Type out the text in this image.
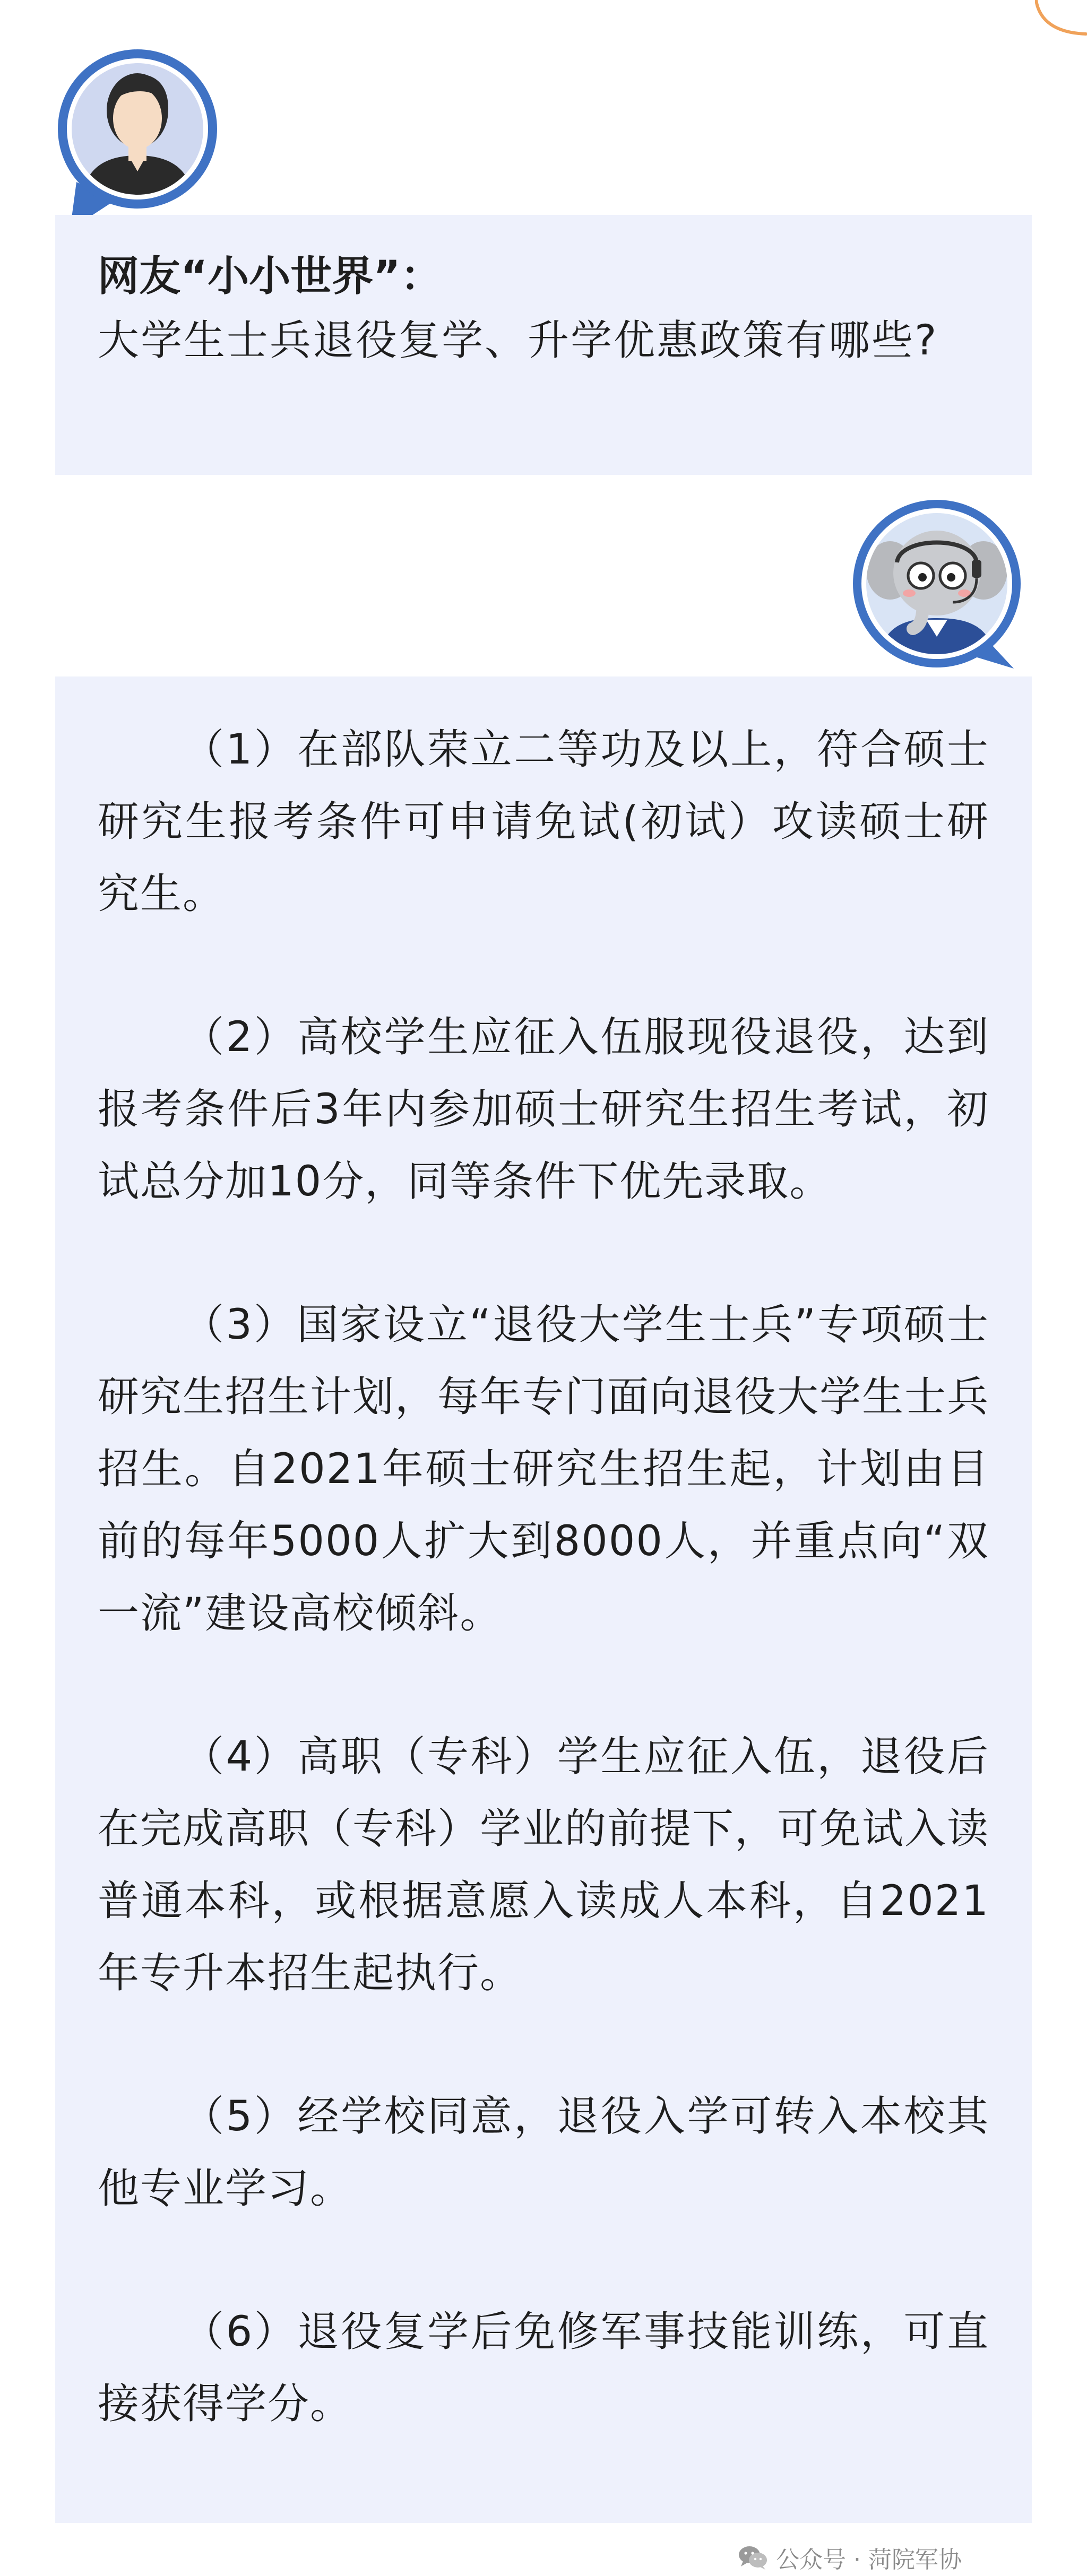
网友“小小世界”：
大学生士兵退役复学、升学优惠政策有哪些?

（1）在部队荣立二等功及以上，符合硕士研究生报考条件可申请免试(初试）攻读硕士研究生。

（2）高校学生应征入伍服现役退役，达到报考条件后3年内参加硕士研究生招生考试，初试总分加10分，同等条件下优先录取。

（3）国家设立“退役大学生士兵”专项硕士研究生招生计划，每年专门面向退役大学生士兵招生。自2021年硕士研究生招生起，计划由目前的每年5000人扩大到8000人，并重点向“双一流”建设高校倾斜。

（4）高职（专科）学生应征入伍，退役后在完成高职（专科）学业的前提下，可免试入读普通本科，或根据意愿入读成人本科，自2021年专升本招生起执行。

（5）经学校同意，退役入学可转入本校其他专业学习。

（6）退役复学后免修军事技能训练，可直接获得学分。

公众号 · 菏院军协
